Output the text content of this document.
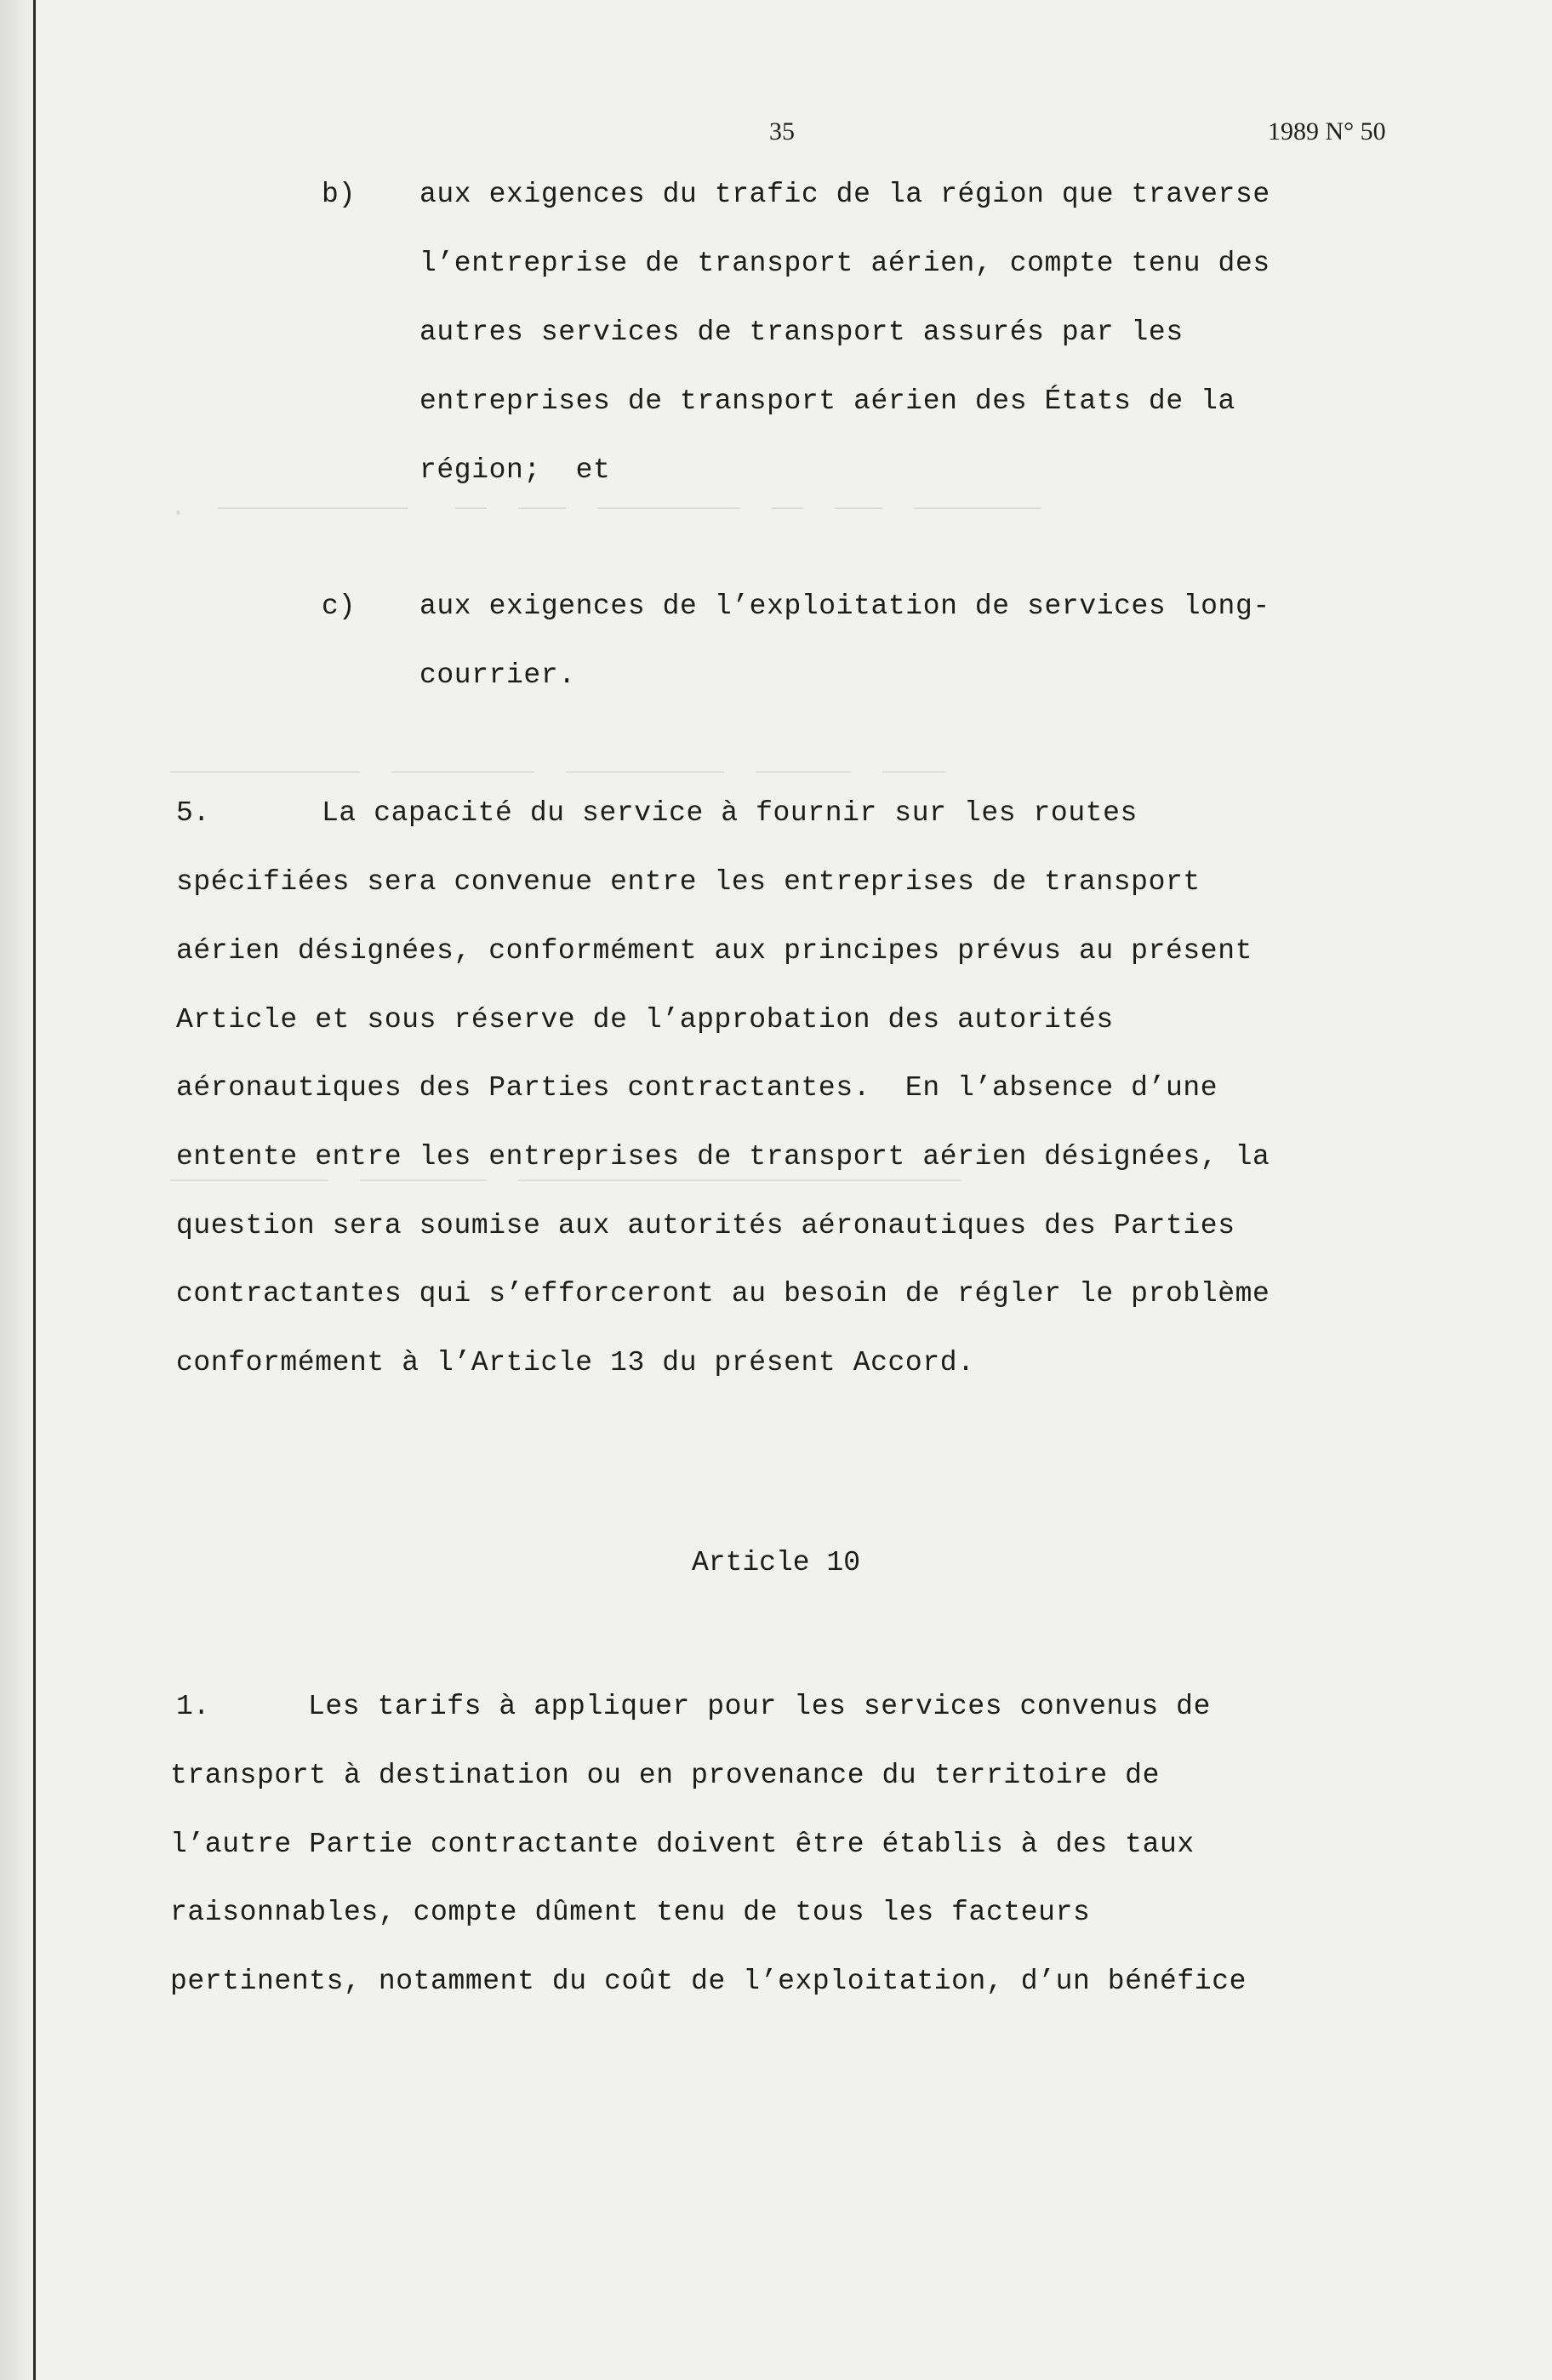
.  ____________   __  ___  _________  __  ___  ________
____________  _________  __________  ______  ____
__________  ________  ____________________________
35	1989 N° 50
b) aux exigences du trafic de la région que traverse
l’entreprise de transport aérien, compte tenu des
autres services de transport assurés par les
entreprises de transport aérien des États de la
région;  et
c) aux exigences de l’exploitation de services long-
courrier.
5.	La capacité du service à fournir sur les routes
spécifiées sera convenue entre les entreprises de transport
aérien désignées, conformément aux principes prévus au présent
Article et sous réserve de l’approbation des autorités
aéronautiques des Parties contractantes.  En l’absence d’une
entente entre les entreprises de transport aérien désignées, la
question sera soumise aux autorités aéronautiques des Parties
contractantes qui s’efforceront au besoin de régler le problème
conformément à l’Article 13 du présent Accord.
Article 10
1.	Les tarifs à appliquer pour les services convenus de
transport à destination ou en provenance du territoire de
l’autre Partie contractante doivent être établis à des taux
raisonnables, compte dûment tenu de tous les facteurs
pertinents, notamment du coût de l’exploitation, d’un bénéfice
